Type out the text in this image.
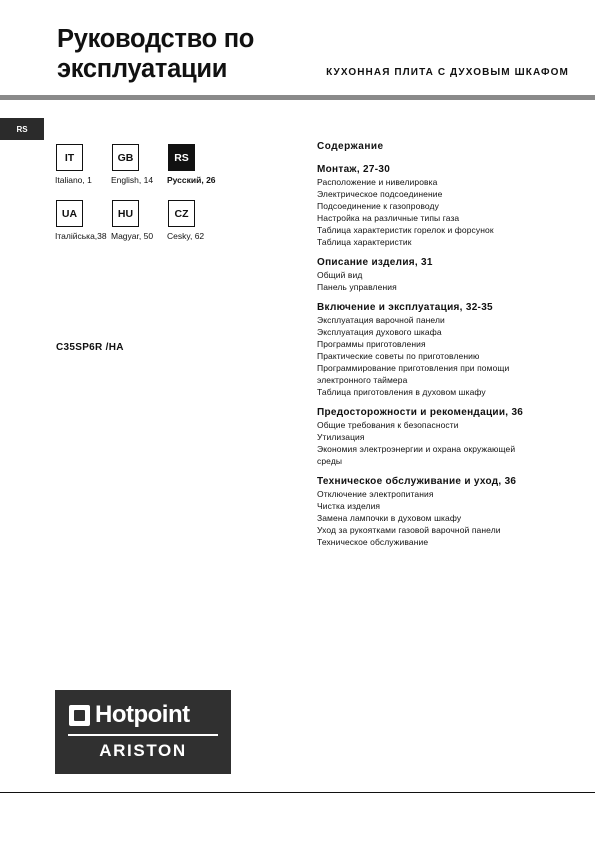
Руководство по
эксплуатации	КУХОННАЯ ПЛИТА С ДУХОВЫМ ШКАФОМ
RS
IT
Italiano, 1
GB
English, 14
RS
Русский, 26
UA
Італійська,38
HU
Magyar, 50
CZ
Cesky, 62
C35SP6R /HA
Содержание
Монтаж, 27-30
Расположение и нивелировка
Электрическое подсоединение
Подсоединение к газопроводу
Настройка на различные типы газа
Таблица характеристик горелок и форсунок
Таблица характеристик
Описание изделия, 31
Общий вид
Панель управления
Включение и эксплуатация, 32-35
Эксплуатация варочной панели
Эксплуатация духового шкафа
Программы приготовления
Практические советы по приготовлению
Программирование приготовления при помощи
электронного таймера
Таблица приготовления в духовом шкафу
Предосторожности и рекомендации, 36
Общие требования к безопасности
Утилизация
Экономия электроэнергии и охрана окружающей
среды
Техническое обслуживание и уход, 36
Отключение электропитания
Чистка изделия
Замена лампочки в духовом шкафу
Уход за рукоятками газовой варочной панели
Техническое обслуживание
Hotpoint
ARISTON
